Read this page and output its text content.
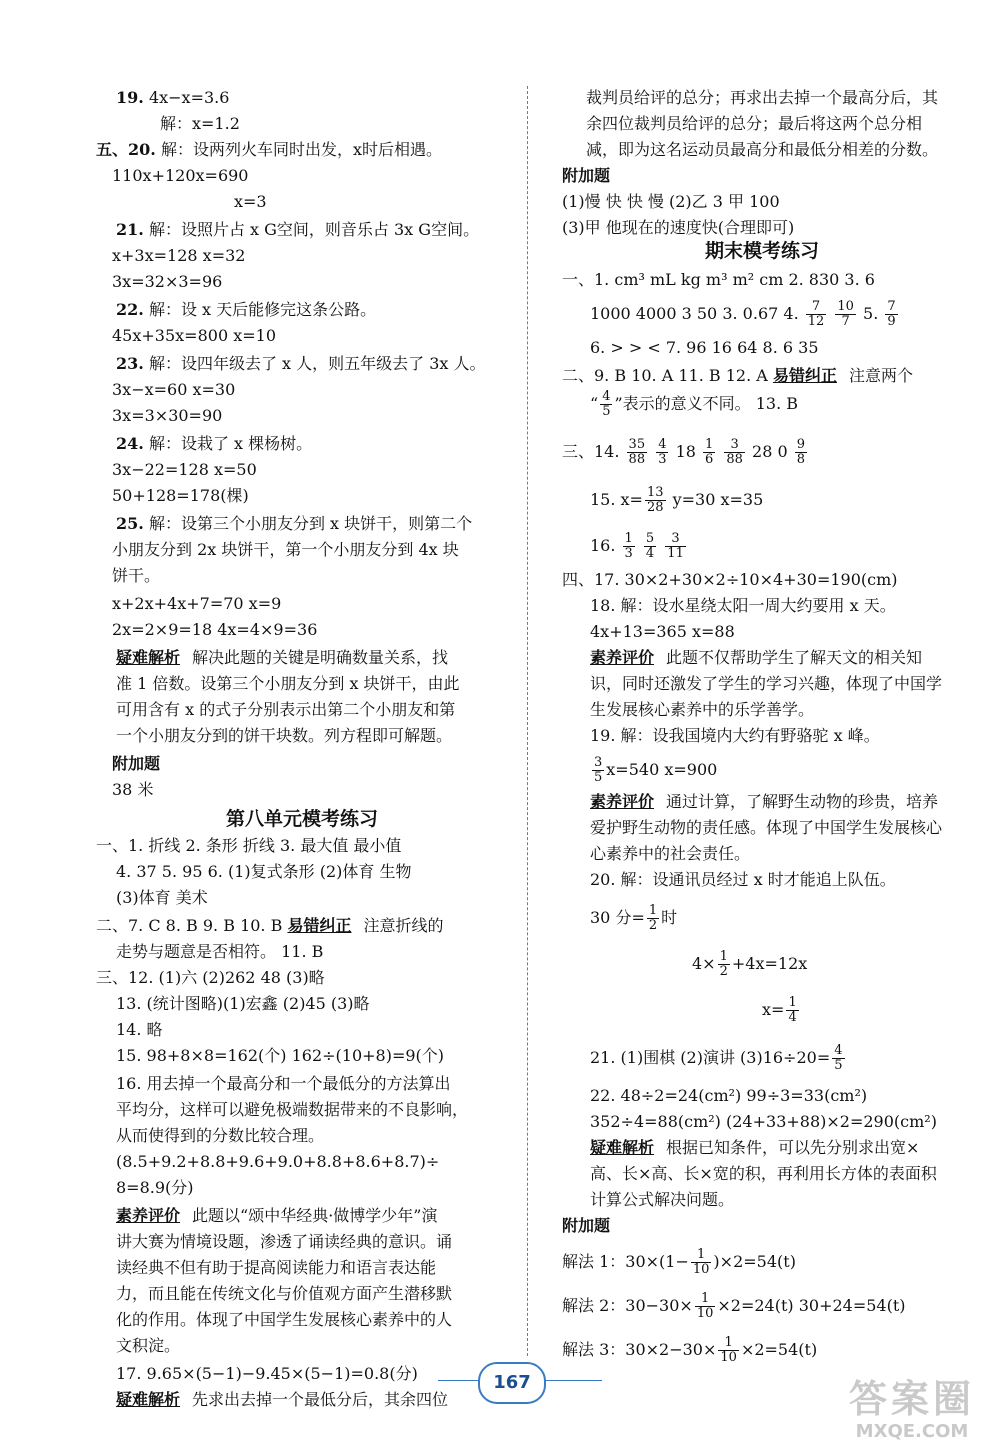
19. 4x−x=3.6
解：x=1.2
五、20. 解：设两列火车同时出发，x时后相遇。
110x+120x=690
x=3
21. 解：设照片占 x G空间，则音乐占 3x G空间。
x+3x=128 x=32
3x=32×3=96
22. 解：设 x 天后能修完这条公路。
45x+35x=800 x=10
23. 解：设四年级去了 x 人，则五年级去了 3x 人。
3x−x=60 x=30
3x=3×30=90
24. 解：设栽了 x 棵杨树。
3x−22=128 x=50
50+128=178(棵)
25. 解：设第三个小朋友分到 x 块饼干，则第二个
小朋友分到 2x 块饼干，第一个小朋友分到 4x 块
饼干。
x+2x+4x+7=70 x=9
2x=2×9=18 4x=4×9=36
疑难解析 解决此题的关键是明确数量关系，找
准 1 倍数。设第三个小朋友分到 x 块饼干，由此
可用含有 x 的式子分别表示出第二个小朋友和第
一个小朋友分到的饼干块数。列方程即可解题。
附加题
38 米
第八单元模考练习
一、1. 折线 2. 条形 折线 3. 最大值 最小值
4. 37 5. 95 6. (1)复式条形 (2)体育 生物
(3)体育 美术
二、7. C 8. B 9. B 10. B 易错纠正 注意折线的
走势与题意是否相符。 11. B
三、12. (1)六 (2)262 48 (3)略
13. (统计图略)(1)宏鑫 (2)45 (3)略
14. 略
15. 98+8×8=162(个) 162÷(10+8)=9(个)
16. 用去掉一个最高分和一个最低分的方法算出
平均分，这样可以避免极端数据带来的不良影响，
从而使得到的分数比较合理。
(8.5+9.2+8.8+9.6+9.0+8.8+8.6+8.7)÷
8=8.9(分)
素养评价 此题以“颂中华经典·做博学少年”演
讲大赛为情境设题，渗透了诵读经典的意识。诵
读经典不但有助于提高阅读能力和语言表达能
力，而且能在传统文化与价值观方面产生潜移默
化的作用。体现了中国学生发展核心素养中的人
文积淀。
17. 9.65×(5−1)−9.45×(5−1)=0.8(分)
疑难解析 先求出去掉一个最低分后，其余四位
裁判员给评的总分；再求出去掉一个最高分后，其
余四位裁判员给评的总分；最后将这两个总分相
减，即为这名运动员最高分和最低分相差的分数。
附加题
(1)慢 快 快 慢 (2)乙 3 甲 100
(3)甲 他现在的速度快(合理即可)
期末模考练习
一、1. cm³ mL kg m³ m² cm 2. 830 3. 6
1000 4000 3 50 3. 0.67 4. $\frac{7}{12}$
$\frac{10}{7} 5$. $\frac{7}{9}$
6. > > < 7. 96 16 64 8. 6 35
二、9. B 10. A 11. B 12. A 易错纠正 注意两个
“ $\frac{4}{5}$ ”表示的意义不同。 13. B
三、14. $\frac{35}{88}$
$\frac{4}{3} 18 \frac{1}{6}$
$\frac{3}{88} 28$ $0 \frac{9}{8}$
15. $x= \frac{13}{28} y=30$ x=35
16. $\frac{1}{3}$
$\frac{5}{4}$
$\frac{3}{11}$
四、17. 30×2+30×2÷10×4+30=190(cm)
18. 解：设水星绕太阳一周大约要用 x 天。
4x+13=365 x=88
素养评价 此题不仅帮助学生了解天文的相关知
识，同时还激发了学生的学习兴趣，体现了中国学
生发展核心素养中的乐学善学。
19. 解：设我国境内大约有野骆驼 x 峰。
$\frac{3}{5} x=540$ x=900
素养评价 通过计算，了解野生动物的珍贵，培养
爱护野生动物的责任感。体现了中国学生发展核心
心素养中的社会责任。
20. 解：设通讯员经过 x 时才能追上队伍。
30 分= $\frac{1}{2}$ 时
$4\times \frac{1}{2} +4x=12x$
$x= \frac{1}{4}$
21. (1)围棋 (2)演讲 $(3)16\div 20= \frac{4}{5}$
22. 48÷2=24(cm²) 99÷3=33(cm²)
352÷4=88(cm²) (24+33+88)×2=290(cm²)
疑难解析 根据已知条件，可以先分别求出宽×
高、长×高、长×宽的积，再利用长方体的表面积
计算公式解决问题。
附加题
解法 1：$30\times(1- \frac{1}{10} )\times 2=54(t)$
解法 2：$30-30\times \frac{1}{10} \times 2=24(t)$ 30+24=54(t)
解法 3：$30\times 2-30\times \frac{1}{10} \times 2=54(t)$
167	答案圈
MXQE.COM
